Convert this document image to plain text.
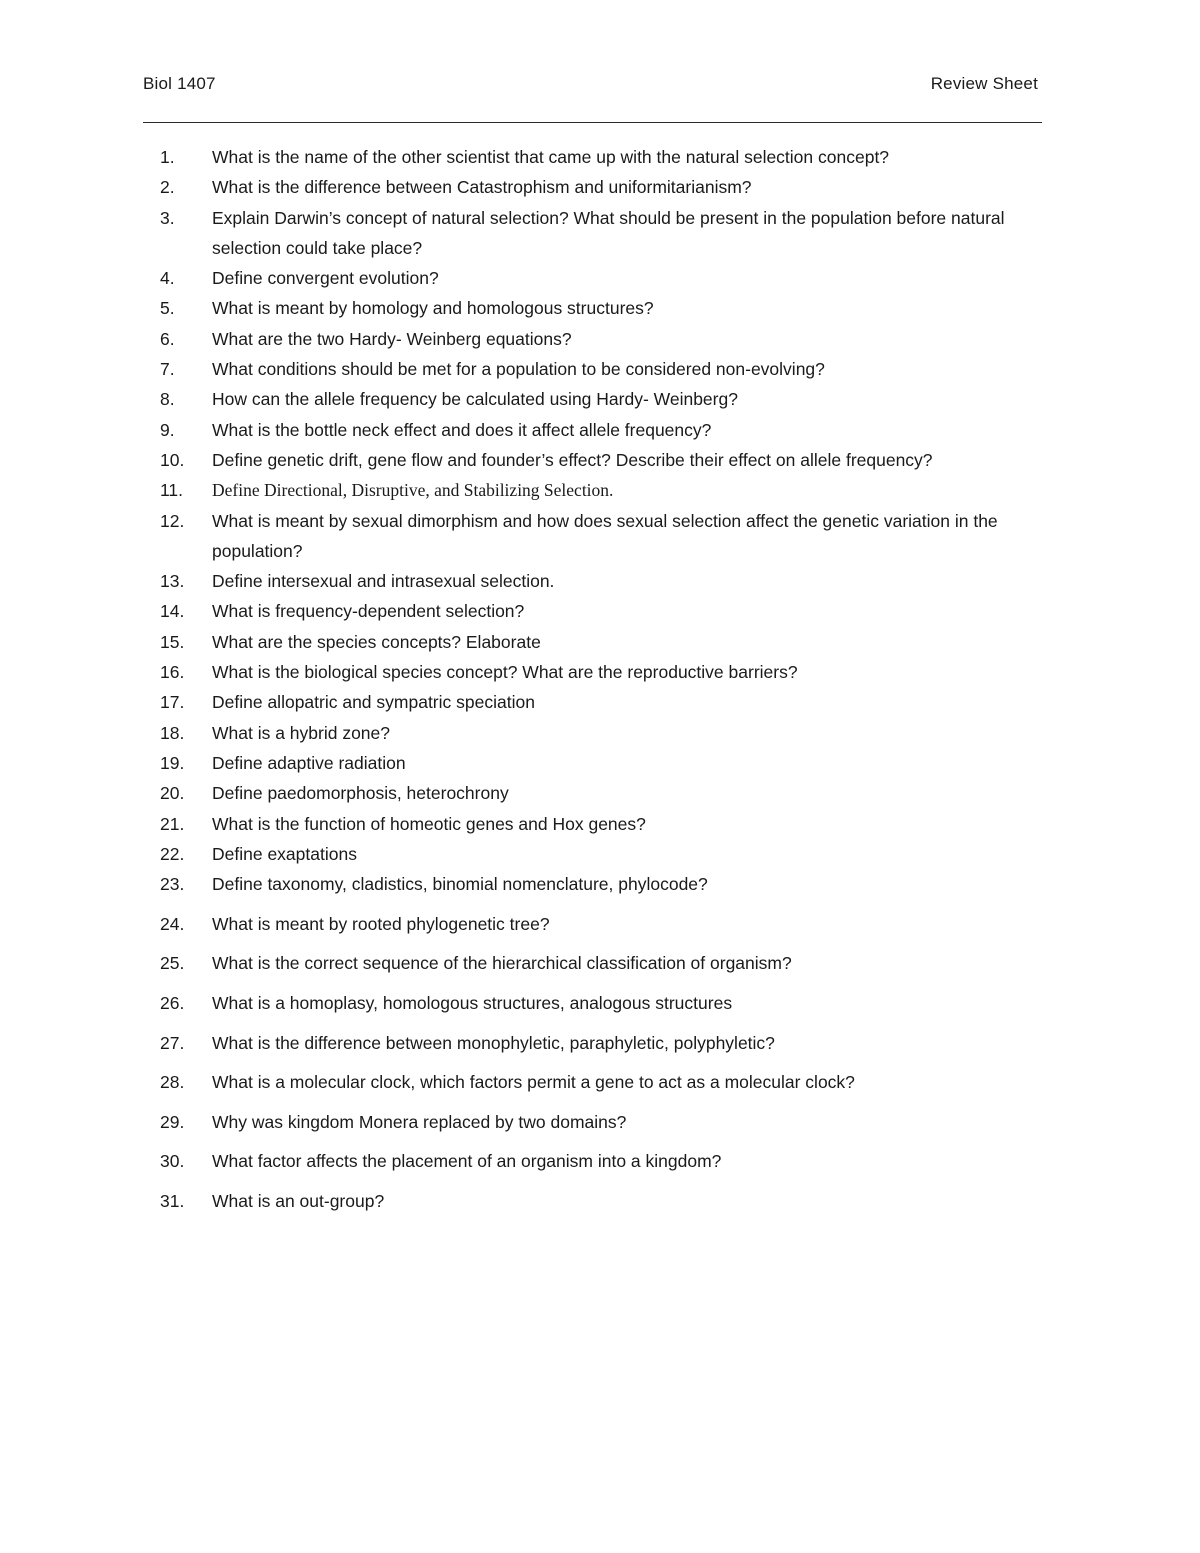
Biol 1407	Review Sheet
1.	What is the name of the other scientist that came up with the natural selection concept?
2.	What is the difference between Catastrophism and uniformitarianism?
3.	Explain Darwin’s concept of natural selection? What should be present in the population before natural selection could take place?
4.	Define convergent evolution?
5.	What is meant by homology and homologous structures?
6.	What are the two Hardy- Weinberg equations?
7.	What conditions should be met for a population to be considered non-evolving?
8.	How can the allele frequency be calculated using Hardy- Weinberg?
9.	What is the bottle neck effect and does it affect allele frequency?
10.	Define genetic drift, gene flow and founder’s effect? Describe their effect on allele frequency?
11.	Define Directional, Disruptive, and Stabilizing Selection.
12.	What is meant by sexual dimorphism and how does sexual selection affect the genetic variation in the population?
13.	Define intersexual and intrasexual selection.
14.	What is frequency-dependent selection?
15.	What are the species concepts? Elaborate
16.	What is the biological species concept? What are the reproductive barriers?
17.	Define allopatric and sympatric speciation
18.	What is a hybrid zone?
19.	Define adaptive radiation
20.	Define paedomorphosis, heterochrony
21.	What is the function of homeotic genes and Hox genes?
22.	Define exaptations
23.	Define taxonomy, cladistics, binomial nomenclature, phylocode?
24.	What is meant by rooted phylogenetic tree?
25.	What is the correct sequence of the hierarchical classification of organism?
26.	What is a homoplasy, homologous structures, analogous structures
27.	What is the difference between monophyletic, paraphyletic, polyphyletic?
28.	What is a molecular clock, which factors permit a gene to act as a molecular clock?
29.	Why was kingdom Monera replaced by two domains?
30.	What factor affects the placement of an organism into a kingdom?
31.	What is an out-group?
